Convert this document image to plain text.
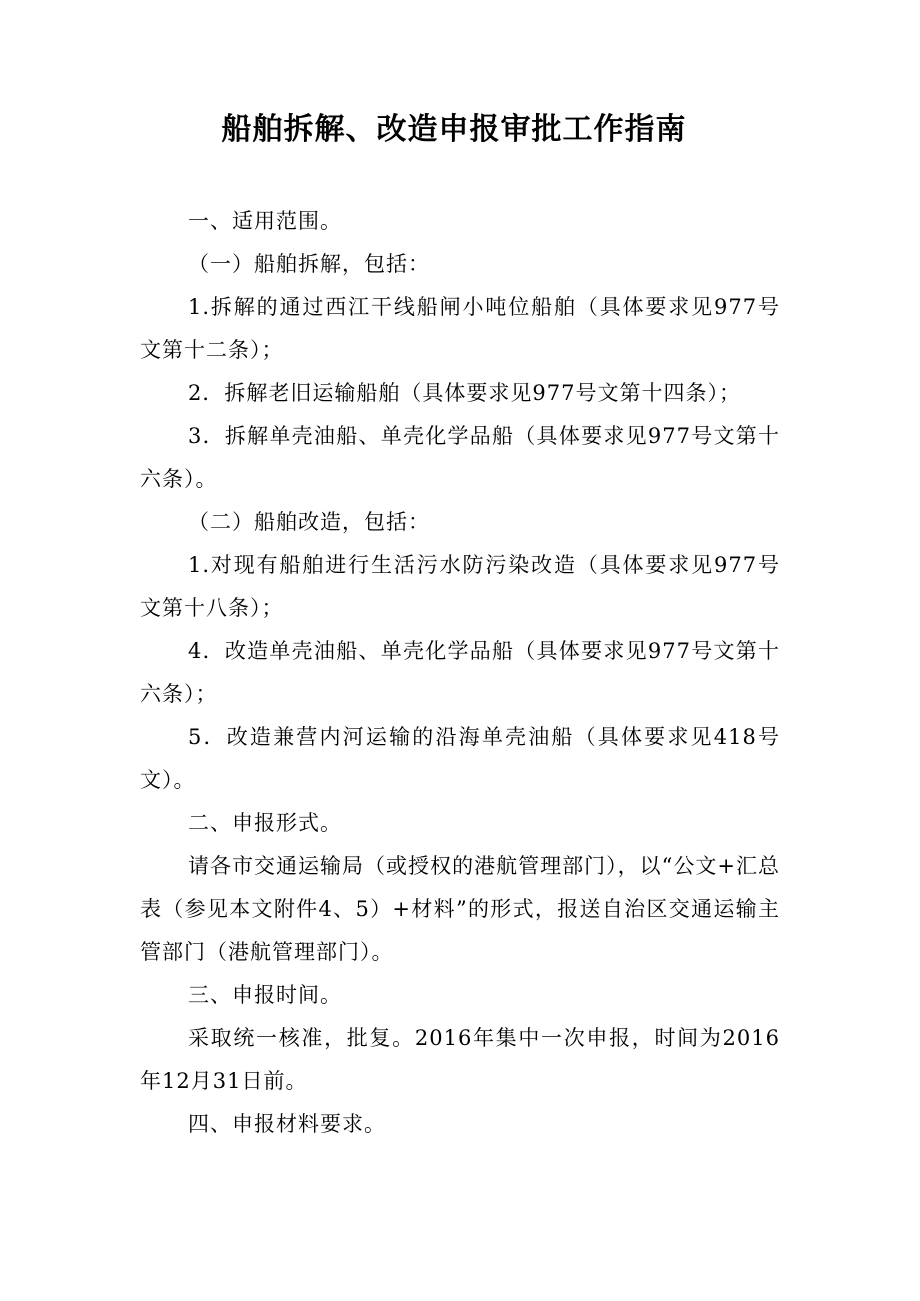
船舶拆解、改造申报审批工作指南

一、适用范围。

（一）船舶拆解，包括：

1.拆解的通过西江干线船闸小吨位船舶（具体要求见977号文第十二条）；

2．拆解老旧运输船舶（具体要求见977号文第十四条）；

3．拆解单壳油船、单壳化学品船（具体要求见977号文第十六条）。

（二）船舶改造，包括：

1.对现有船舶进行生活污水防污染改造（具体要求见977号文第十八条）；

4．改造单壳油船、单壳化学品船（具体要求见977号文第十六条）；

5．改造兼营内河运输的沿海单壳油船（具体要求见418号文）。

二、申报形式。

请各市交通运输局（或授权的港航管理部门），以“公文+汇总表（参见本文附件4、5）+材料”的形式，报送自治区交通运输主管部门（港航管理部门）。

三、申报时间。

采取统一核准，批复。2016年集中一次申报，时间为2016年12月31日前。

四、申报材料要求。
